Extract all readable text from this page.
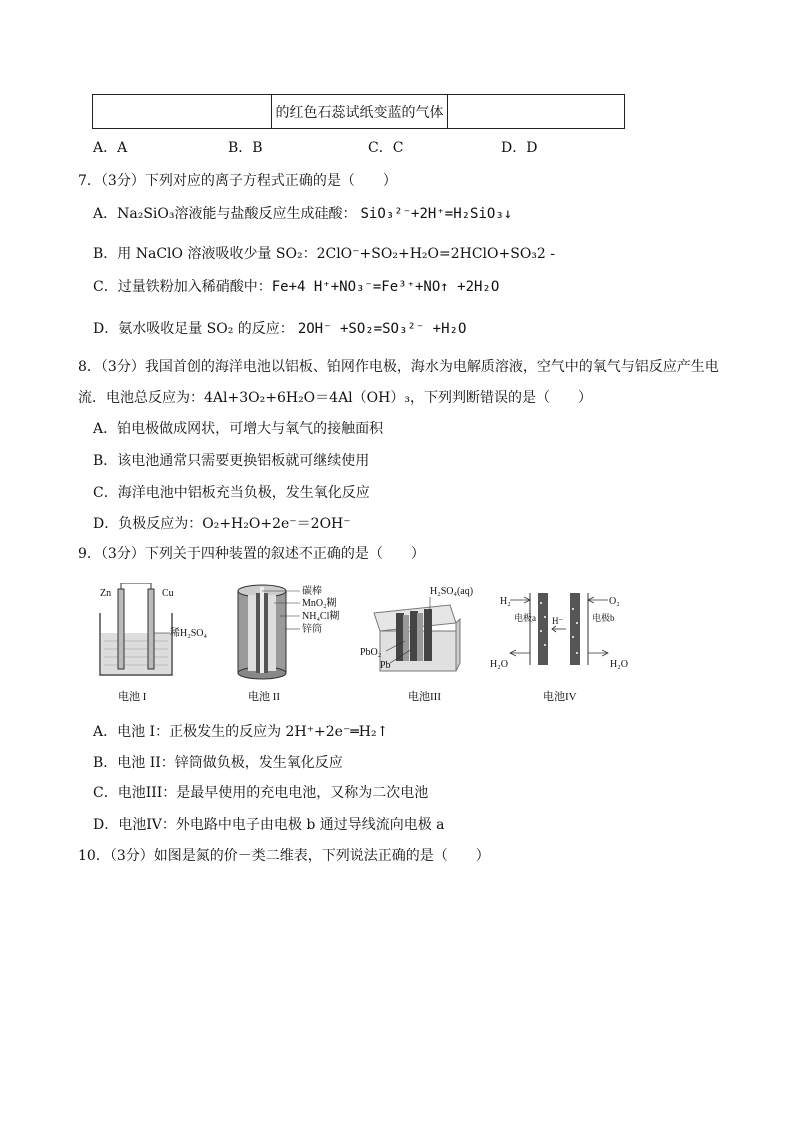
	的红色石蕊试纸变蓝的气体	
A．A	B．B	C．C	D．D
7．（3分）下列对应的离子方程式正确的是（　　）
A．Na₂SiO₃溶液能与盐酸反应生成硅酸： SiO₃²⁻+2H⁺=H₂SiO₃↓
B．用 NaClO 溶液吸收少量 SO₂：2ClO⁻+SO₂+H₂O=2HClO+SO₃2 -
C．过量铁粉加入稀硝酸中：Fe+4 H⁺+NO₃⁻=Fe³⁺+NO↑ +2H₂O
D．氨水吸收足量 SO₂ 的反应： 2OH⁻ +SO₂=SO₃²⁻ +H₂O
8．（3分）我国首创的海洋电池以铝板、铂网作电极，海水为电解质溶液，空气中的氧气与铝反应产生电
流．电池总反应为：4Al+3O₂+6H₂O＝4Al（OH）₃，下列判断错误的是（　　）
A．铂电极做成网状，可增大与氧气的接触面积
B．该电池通常只需要更换铝板就可继续使用
C．海洋电池中铝板充当负极，发生氧化反应
D．负极反应为：O₂+H₂O+2e⁻＝2OH⁻
9．（3分）下列关于四种装置的叙述不正确的是（　　）
Zn	Cu
稀H₂SO₄
电池 I
碳棒
MnO₂糊
NH₄Cl糊
锌筒
电池 II
H₂SO₄(aq)
PbO₂
Pb
电池III
H₂	O₂
电极a	电极b
H⁻
H₂O	H₂O
电池IV
A．电池 I：正极发生的反应为 2H⁺+2e⁻═H₂↑
B．电池 II：锌筒做负极，发生氧化反应
C．电池III：是最早使用的充电电池，又称为二次电池
D．电池IV：外电路中电子由电极 b 通过导线流向电极 a
10．（3分）如图是氮的价－类二维表，下列说法正确的是（　　）
